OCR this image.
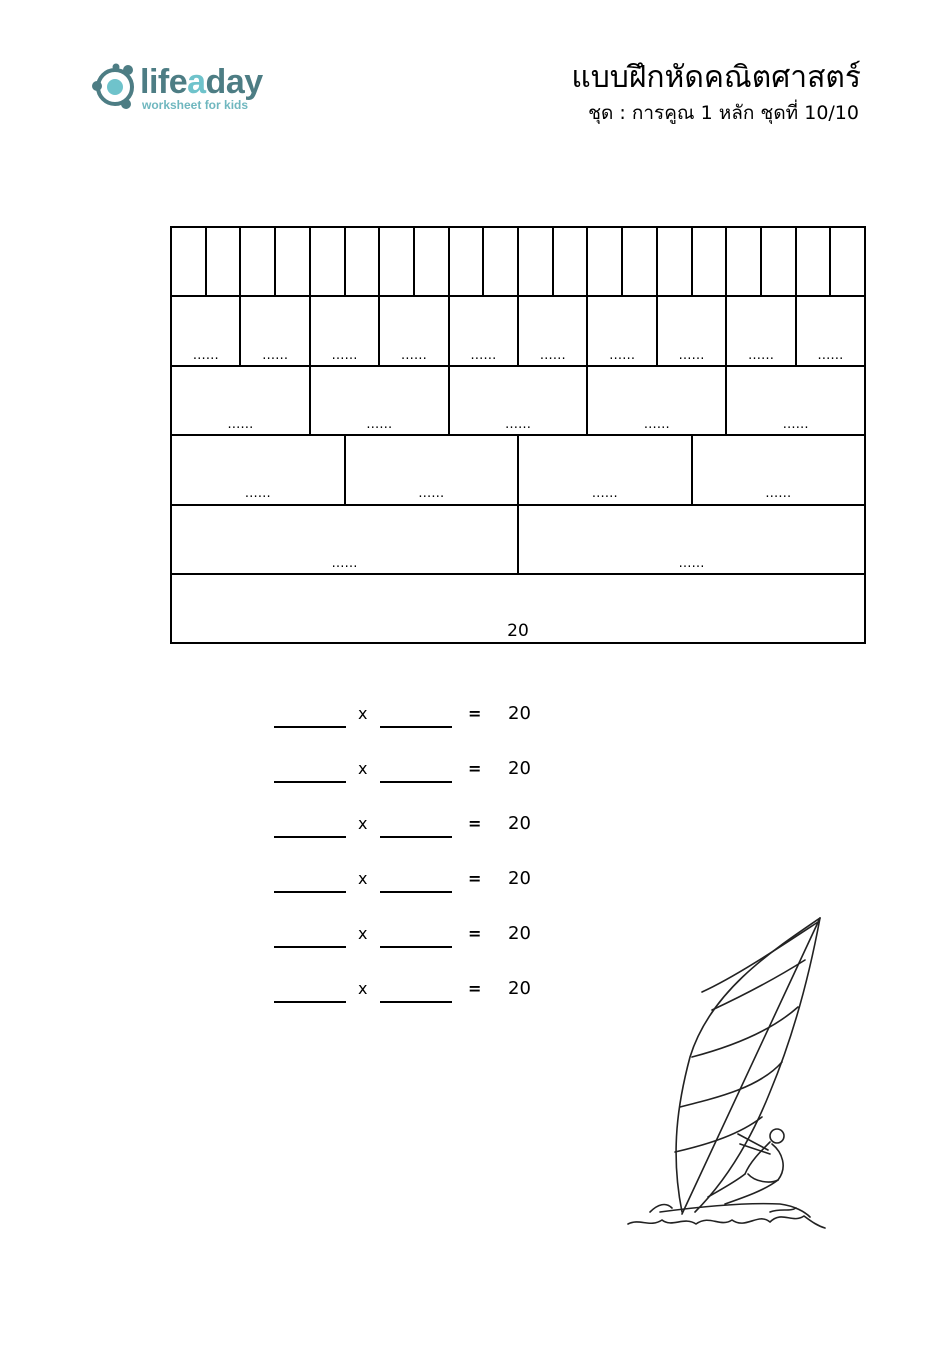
lifeaday
worksheet for kids
แบบฝึกหัดคณิตศาสตร์
ชุด : การคูณ 1 หลัก ชุดที่ 10/10
……	……	……	……	……	……	……	……	……	……
……	……	……	……	……
……	……	……	……
……	……
20
x	= 20
x	= 20
x	= 20
x	= 20
x	= 20
x	= 20
